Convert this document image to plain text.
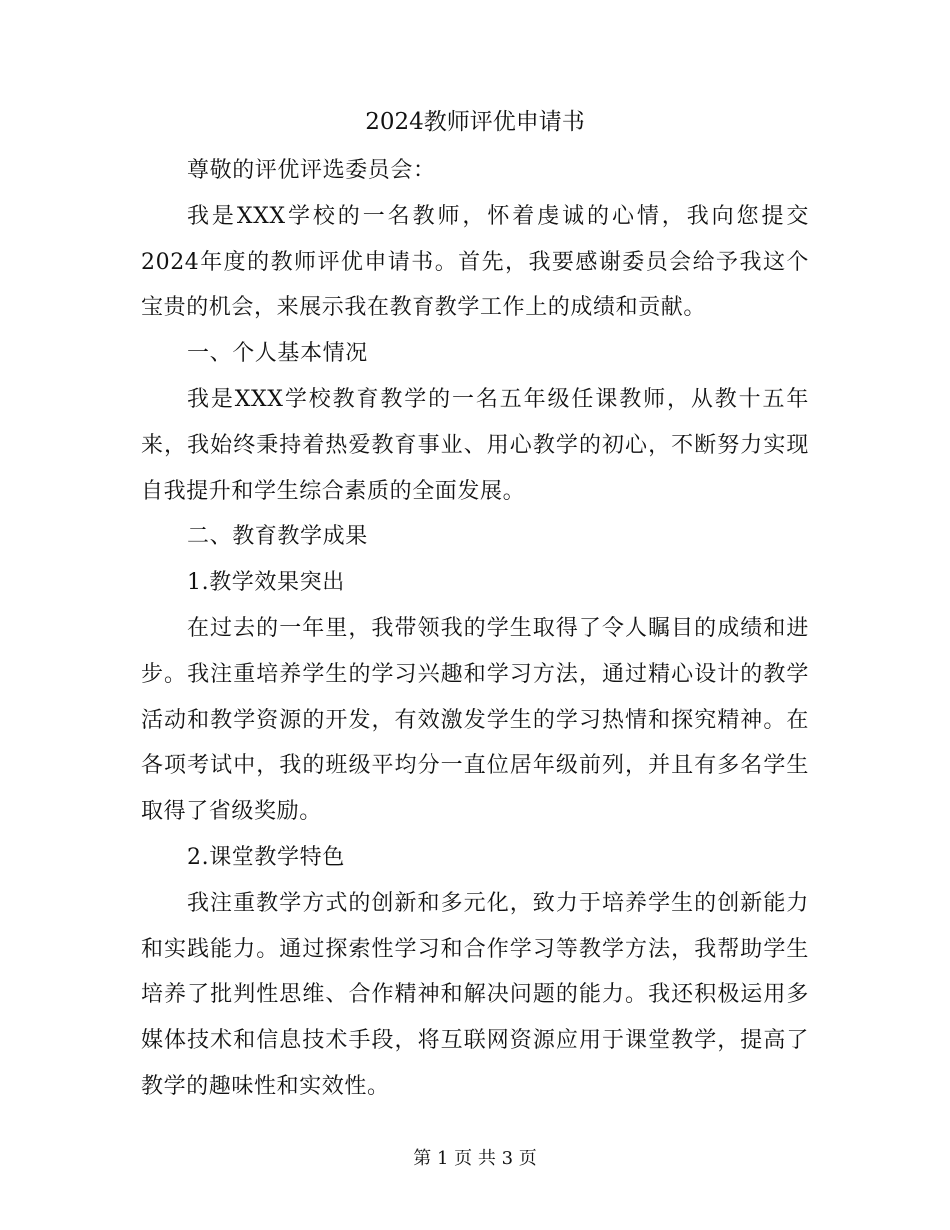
2024教师评优申请书

尊敬的评优评选委员会：

我是XXX学校的一名教师，怀着虔诚的心情，我向您提交2024年度的教师评优申请书。首先，我要感谢委员会给予我这个宝贵的机会，来展示我在教育教学工作上的成绩和贡献。

一、个人基本情况

我是XXX学校教育教学的一名五年级任课教师，从教十五年来，我始终秉持着热爱教育事业、用心教学的初心，不断努力实现自我提升和学生综合素质的全面发展。

二、教育教学成果

1.教学效果突出

在过去的一年里，我带领我的学生取得了令人瞩目的成绩和进步。我注重培养学生的学习兴趣和学习方法，通过精心设计的教学活动和教学资源的开发，有效激发学生的学习热情和探究精神。在各项考试中，我的班级平均分一直位居年级前列，并且有多名学生取得了省级奖励。

2.课堂教学特色

我注重教学方式的创新和多元化，致力于培养学生的创新能力和实践能力。通过探索性学习和合作学习等教学方法，我帮助学生培养了批判性思维、合作精神和解决问题的能力。我还积极运用多媒体技术和信息技术手段，将互联网资源应用于课堂教学，提高了教学的趣味性和实效性。

第 1 页 共 3 页
